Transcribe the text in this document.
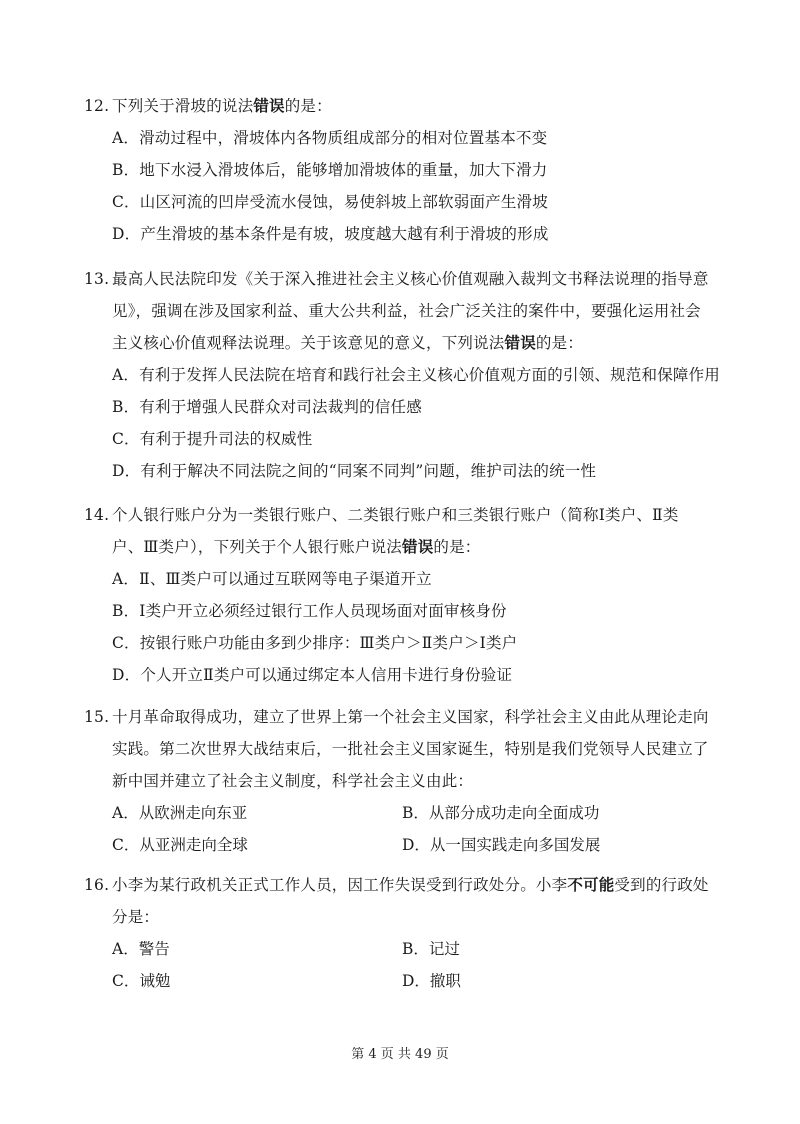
12. 下列关于滑坡的说法错误的是：
A．滑动过程中，滑坡体内各物质组成部分的相对位置基本不变
B．地下水浸入滑坡体后，能够增加滑坡体的重量，加大下滑力
C．山区河流的凹岸受流水侵蚀，易使斜坡上部软弱面产生滑坡
D．产生滑坡的基本条件是有坡，坡度越大越有利于滑坡的形成
13. 最高人民法院印发《关于深入推进社会主义核心价值观融入裁判文书释法说理的指导意
见》，强调在涉及国家利益、重大公共利益，社会广泛关注的案件中，要强化运用社会
主义核心价值观释法说理。关于该意见的意义，下列说法错误的是：
A．有利于发挥人民法院在培育和践行社会主义核心价值观方面的引领、规范和保障作用
B．有利于增强人民群众对司法裁判的信任感
C．有利于提升司法的权威性
D．有利于解决不同法院之间的“同案不同判”问题，维护司法的统一性
14. 个人银行账户分为一类银行账户、二类银行账户和三类银行账户（简称Ⅰ类户、Ⅱ类
户、Ⅲ类户），下列关于个人银行账户说法错误的是：
A．Ⅱ、Ⅲ类户可以通过互联网等电子渠道开立
B．Ⅰ类户开立必须经过银行工作人员现场面对面审核身份
C．按银行账户功能由多到少排序：Ⅲ类户＞Ⅱ类户＞Ⅰ类户
D．个人开立Ⅱ类户可以通过绑定本人信用卡进行身份验证
15. 十月革命取得成功，建立了世界上第一个社会主义国家，科学社会主义由此从理论走向
实践。第二次世界大战结束后，一批社会主义国家诞生，特别是我们党领导人民建立了
新中国并建立了社会主义制度，科学社会主义由此：
A．从欧洲走向东亚	B．从部分成功走向全面成功
C．从亚洲走向全球	D．从一国实践走向多国发展
16. 小李为某行政机关正式工作人员，因工作失误受到行政处分。小李不可能受到的行政处
分是：
A．警告	B．记过
C．诫勉	D．撤职
第 4 页 共 49 页
